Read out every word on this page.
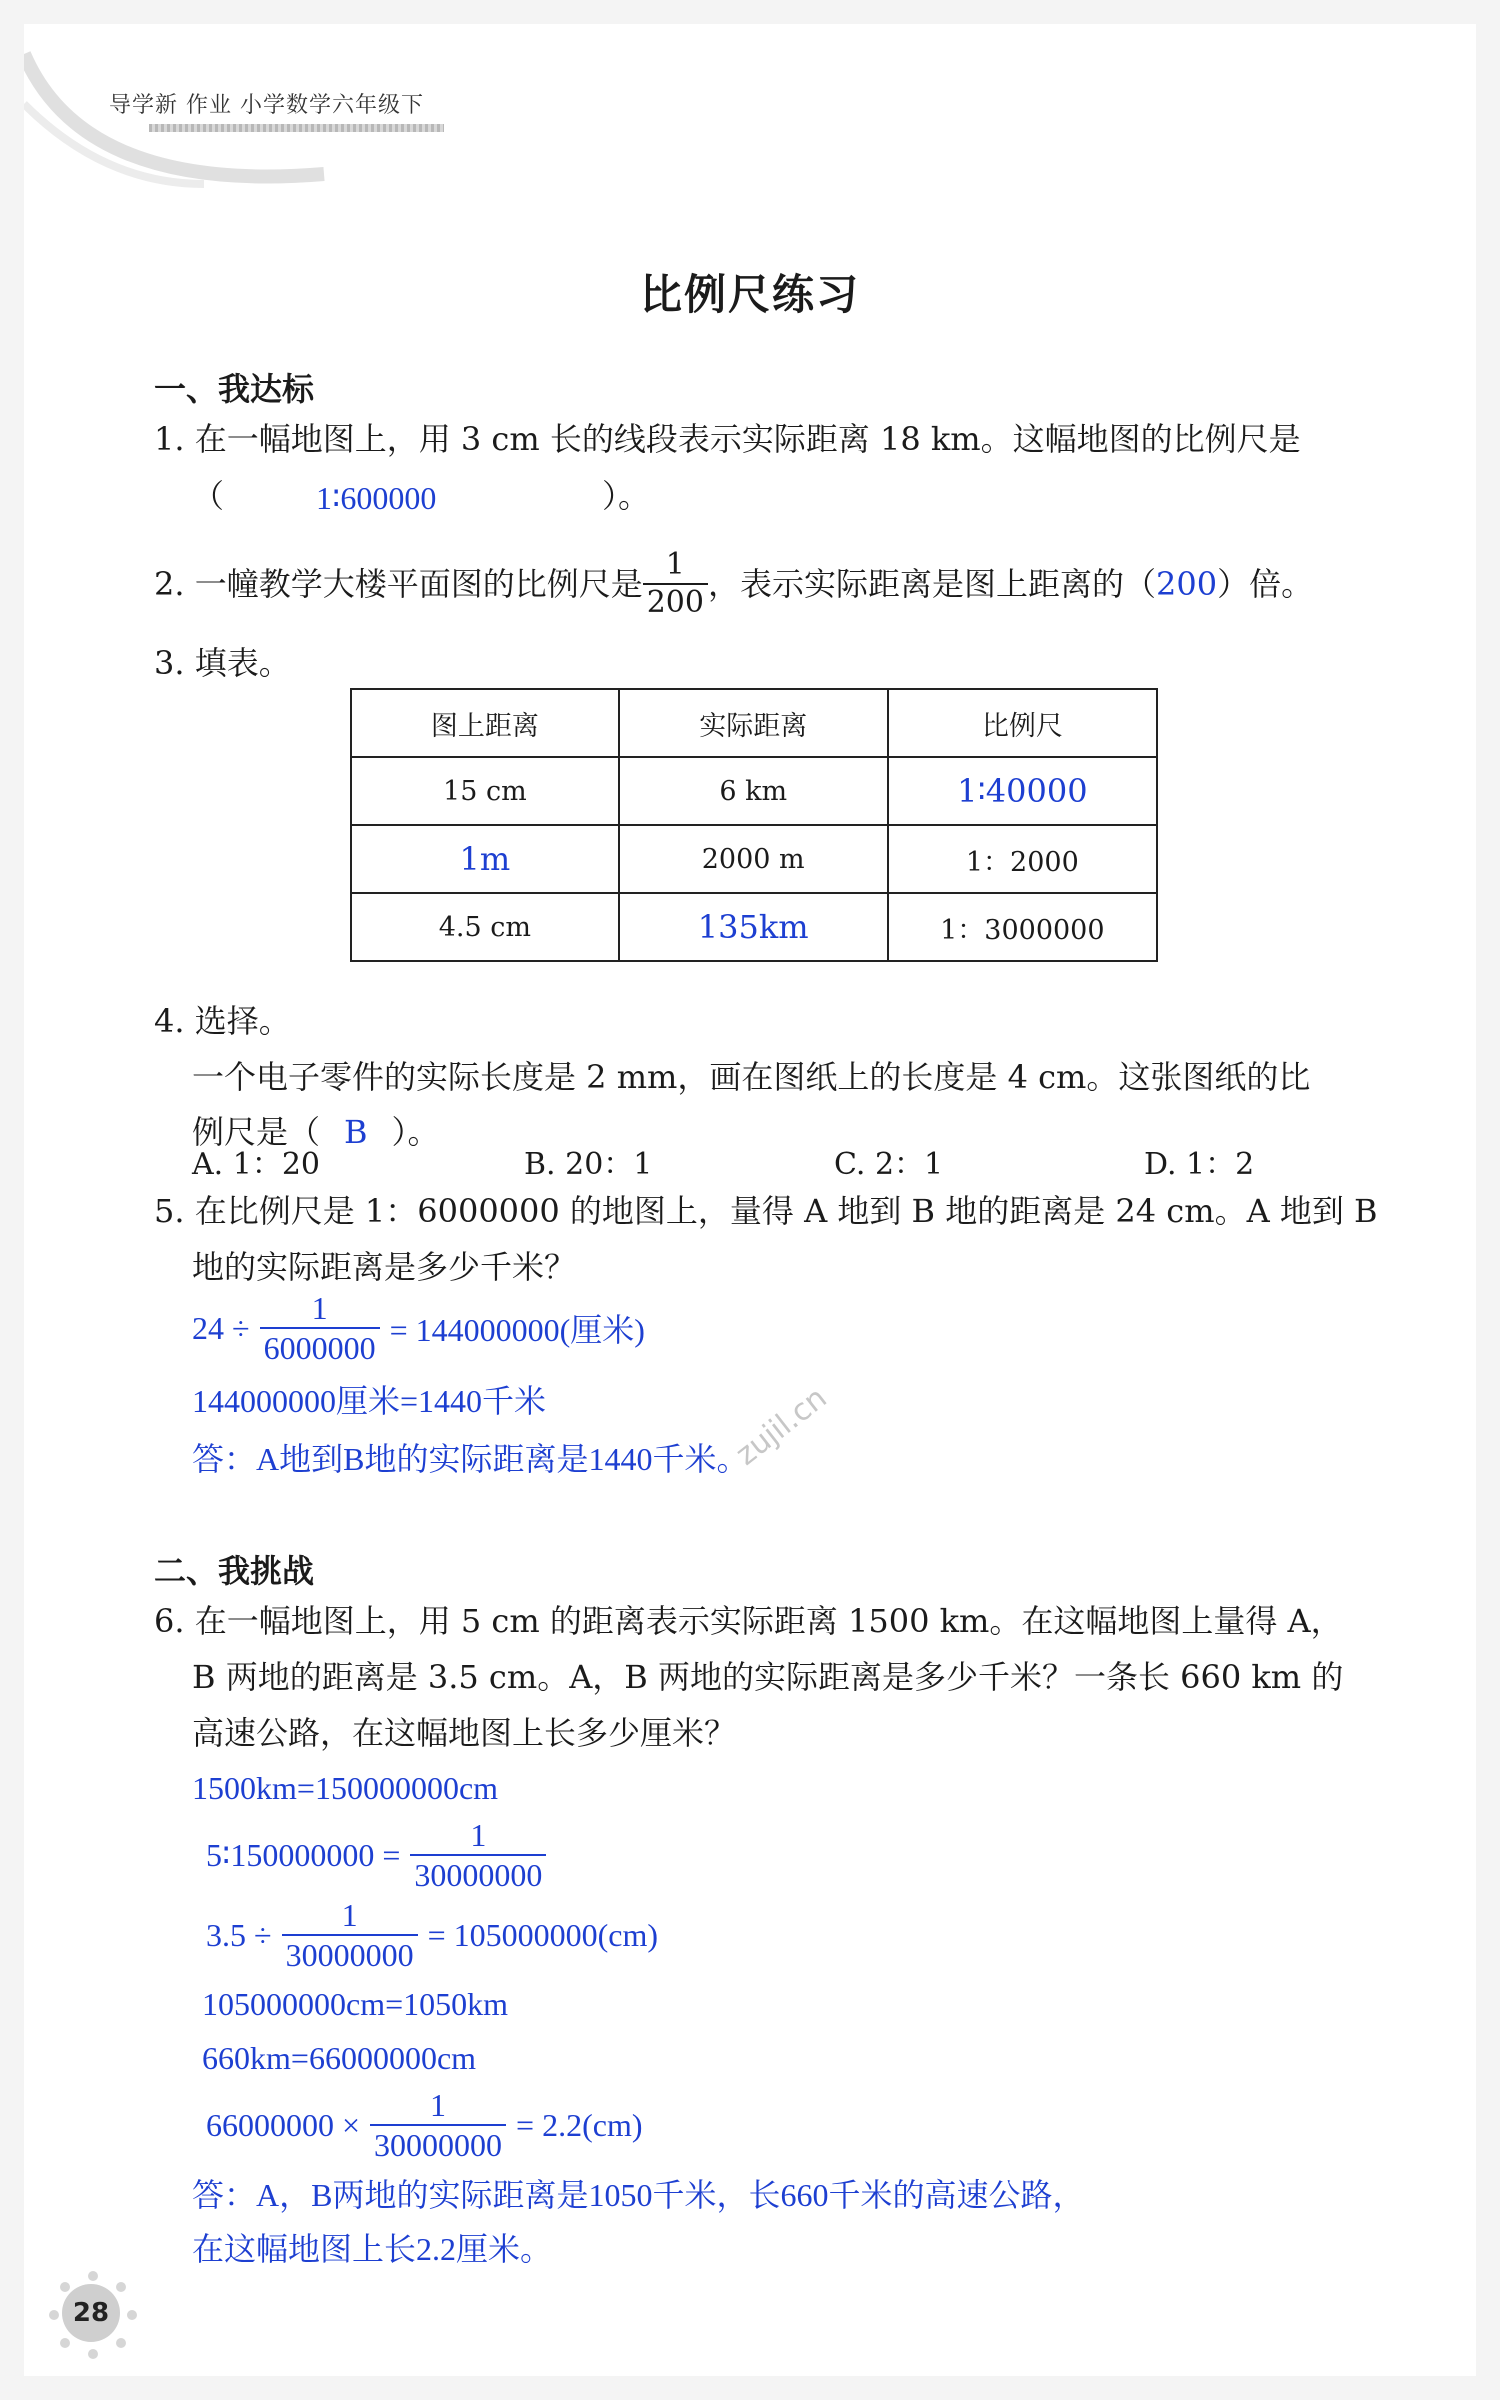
导学新 作业 小学数学六年级下
比例尺练习
一、我达标
1. 在一幅地图上，用 3 cm 长的线段表示实际距离 18 km。这幅地图的比例尺是
（	1∶600000	）。
2. 一幢教学大楼平面图的比例尺是 $\frac{1}{200}$ ，表示实际距离是图上距离的（ 200 ）倍。
3. 填表。
图上距离	实际距离	比例尺
15 cm	6 km	1∶40000
1m	2000 m	1：2000
4.5 cm	135km	1：3000000
4. 选择。
一个电子零件的实际长度是 2 mm，画在图纸上的长度是 4 cm。这张图纸的比
例尺是（ B ）。
A. 1：20	B. 20：1	C. 2：1	D. 1：2
5. 在比例尺是 1：6000000 的地图上，量得 A 地到 B 地的距离是 24 cm。A 地到 B
地的实际距离是多少千米？
$24 \div \frac{1}{6000000} = 144000000$(厘米)
144000000厘米=1440千米
答：A地到B地的实际距离是1440千米。
zujil.cn
二、我挑战
6. 在一幅地图上，用 5 cm 的距离表示实际距离 1500 km。在这幅地图上量得 A，
B 两地的距离是 3.5 cm。A，B 两地的实际距离是多少千米？一条长 660 km 的
高速公路，在这幅地图上长多少厘米？
1500km=150000000cm
5∶150000000 = $\frac{1}{30000000}$
$3.5 \div \frac{1}{30000000} = 105000000(cm)$
105000000cm=1050km
660km=66000000cm
$66000000 \times \frac{1}{30000000} = 2.2(cm)$
答：A，B两地的实际距离是1050千米，长660千米的高速公路，
在这幅地图上长2.2厘米。
28
